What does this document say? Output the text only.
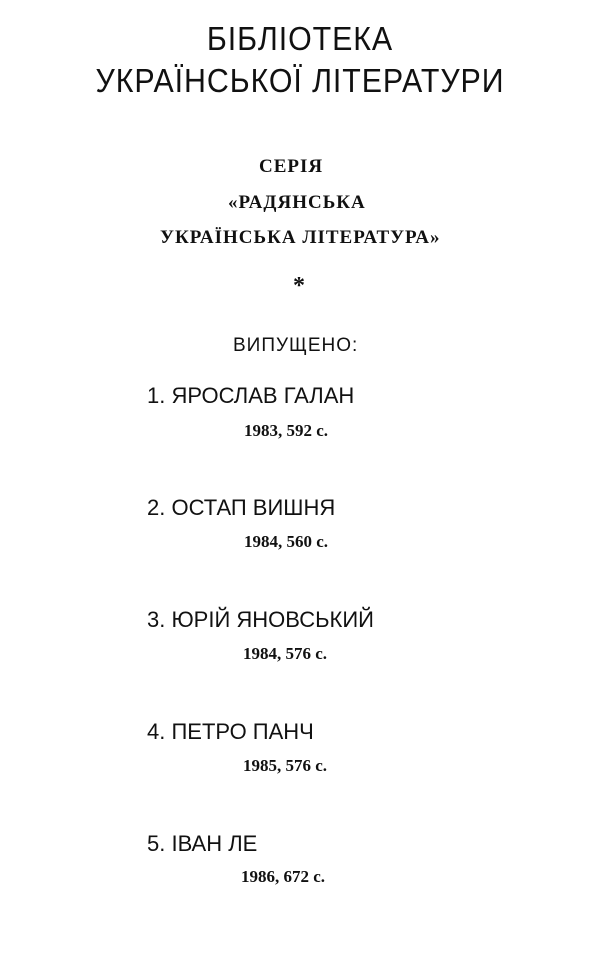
БІБЛІОТЕКА
УКРАЇНСЬКОЇ ЛІТЕРАТУРИ
СЕРІЯ
«РАДЯНСЬКА
УКРАЇНСЬКА ЛІТЕРАТУРА»
*
ВИПУЩЕНО:
1. ЯРОСЛАВ ГАЛАН
1983, 592 с.
2. ОСТАП ВИШНЯ
1984, 560 с.
3. ЮРІЙ ЯНОВСЬКИЙ
1984, 576 с.
4. ПЕТРО ПАНЧ
1985, 576 с.
5. ІВАН ЛЕ
1986, 672 с.
